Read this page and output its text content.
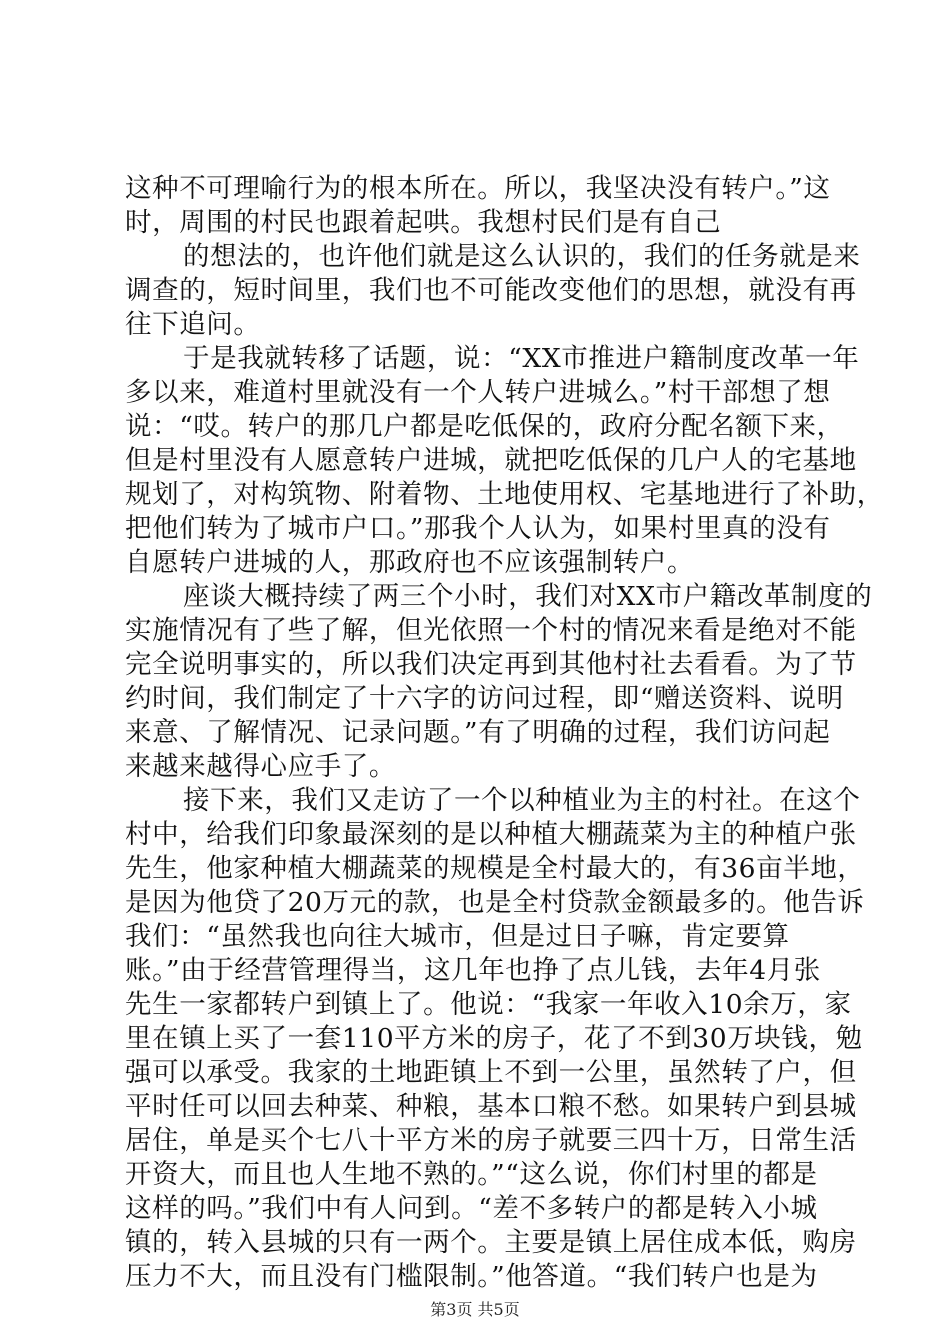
这种不可理喻行为的根本所在。所以，我坚决没有转户。”这
时，周围的村民也跟着起哄。我想村民们是有自己
的想法的，也许他们就是这么认识的，我们的任务就是来
调查的，短时间里，我们也不可能改变他们的思想，就没有再
往下追问。
于是我就转移了话题，说：“XX市推进户籍制度改革一年
多以来，难道村里就没有一个人转户进城么。”村干部想了想
说：“哎。转户的那几户都是吃低保的，政府分配名额下来，
但是村里没有人愿意转户进城，就把吃低保的几户人的宅基地
规划了，对构筑物、附着物、土地使用权、宅基地进行了补助，
把他们转为了城市户口。”那我个人认为，如果村里真的没有
自愿转户进城的人，那政府也不应该强制转户。
座谈大概持续了两三个小时，我们对XX市户籍改革制度的
实施情况有了些了解，但光依照一个村的情况来看是绝对不能
完全说明事实的，所以我们决定再到其他村社去看看。为了节
约时间，我们制定了十六字的访问过程，即“赠送资料、说明
来意、了解情况、记录问题。”有了明确的过程，我们访问起
来越来越得心应手了。
接下来，我们又走访了一个以种植业为主的村社。在这个
村中，给我们印象最深刻的是以种植大棚蔬菜为主的种植户张
先生，他家种植大棚蔬菜的规模是全村最大的，有36亩半地，
是因为他贷了20万元的款，也是全村贷款金额最多的。他告诉
我们：“虽然我也向往大城市，但是过日子嘛，肯定要算
账。”由于经营管理得当，这几年也挣了点儿钱，去年4月张
先生一家都转户到镇上了。他说：“我家一年收入10余万，家
里在镇上买了一套110平方米的房子，花了不到30万块钱，勉
强可以承受。我家的土地距镇上不到一公里，虽然转了户，但
平时任可以回去种菜、种粮，基本口粮不愁。如果转户到县城
居住，单是买个七八十平方米的房子就要三四十万，日常生活
开资大，而且也人生地不熟的。”“这么说，你们村里的都是
这样的吗。”我们中有人问到。“差不多转户的都是转入小城
镇的，转入县城的只有一两个。主要是镇上居住成本低，购房
压力不大，而且没有门槛限制。”他答道。“我们转户也是为
第3页 共5页
